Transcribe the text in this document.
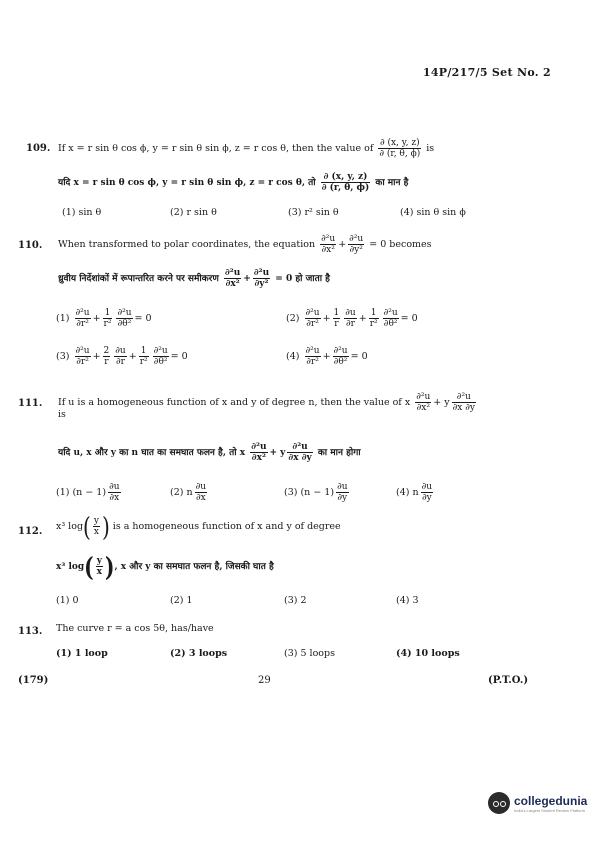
14P/217/5 Set No. 2
109. If x = r sin θ cos ϕ, y = r sin θ sin ϕ, z = r cos θ, then the value of $\frac{\partial (x, y, z)}{\partial (r, \theta, \phi)}$ is
यदि x = r sin θ cos ϕ, y = r sin θ sin ϕ, z = r cos θ, तो $\frac{\partial (x, y, z)}{\partial (r, \theta, \phi)}$ का मान है
(1) sin θ	(2) r sin θ	(3) r² sin θ	(4) sin θ sin ϕ
110. When transformed to polar coordinates, the equation $\frac{\text{∂²u}}{\text{∂x²}} + \frac{\text{∂²u}}{\text{∂y²}} = 0$ becomes
ध्रुवीय निर्देशांकों में रूपान्तरित करने पर समीकरण $\frac{\text{∂²u}}{\text{∂x²}} + \frac{\text{∂²u}}{\text{∂y²}} = 0$ हो जाता है
$(1) \frac{\text{∂²u}}{\text{∂r²}} + \frac{1}{\text{r²}} \frac{\text{∂²u}}{\text{∂θ²}} = 0$	$(2) \frac{\text{∂²u}}{\text{∂r²}} + \frac{1}{r} \frac{\partial u}{\partial r} + \frac{1}{\text{r²}} \frac{\text{∂²u}}{\text{∂θ²}} = 0$
$(3) \frac{\text{∂²u}}{\text{∂r²}} + \frac{2}{r} \frac{\partial u}{\partial r} + \frac{1}{\text{r²}} \frac{\text{∂²u}}{\text{∂θ²}} = 0$	$(4) \frac{\text{∂²u}}{\text{∂r²}} + \frac{\text{∂²u}}{\text{∂θ²}} = 0$
111. If u is a homogeneous function of x and y of degree n, then the value of x $\frac{\text{∂²u}}{\text{∂x²}} + y \frac{\text{∂²u}}{\partial x \partial y}$
is
यदि u, x और y का n घात का समघात फलन है, तो x $\frac{\text{∂²u}}{\text{∂x²}} + y \frac{\text{∂²u}}{\partial x \partial y}$ का मान होगा
(1) $(n - 1) \frac{\partial u}{\partial x}$	(2) n $\frac{\partial u}{\partial x}$	(3) $(n - 1) \frac{\partial u}{\partial y}$	(4) n $\frac{\partial u}{\partial y}$
112. x³ $\log( \frac{y}{x}$ ) is a homogeneous function of x and y of degree
x³ $\log( \frac{y}{x}$ ), x और y का समघात फलन है, जिसकी घात है
(1) 0	(2) 1	(3) 2	(4) 3
113. The curve r = a cos 5θ, has/have
(1) 1 loop	(2) 3 loops	(3) 5 loops	(4) 10 loops
(179)	29	(P.T.O.)
collegedunia
India's Largest Student Review Platform
